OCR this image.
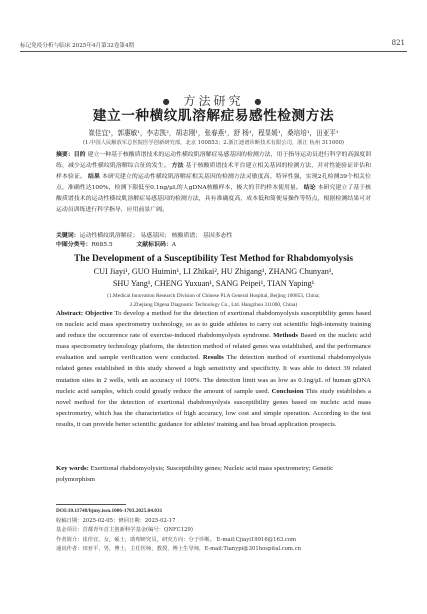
标记免疫分析与临床 2025年4月第32卷第4期	821
● 方法研究 ●
建立一种横纹肌溶解症易感性检测方法
崔佳宜¹，郭惠敏¹，李志凯²，胡志刚¹，张春燕¹，舒 杨¹，程显媛¹，桑培培¹，田亚平¹
(1.中国人民解放军总医院医学创新研究部，北京 100853；2.浙江迪谱诊断技术有限公司，浙江 杭州 311000)
摘要：目的 建立一种基于核酸质谱技术的运动性横纹肌溶解症易感基因的检测方法，用于指导运动员进行科学的高强度训练，减少运动性横纹肌溶解综合征的发生。 方法 基于核酸质谱技术平台建立相关基因的检测方法，并对性能验证评估和样本验证。 结果 本研究建立的运动性横纹肌溶解症相关基因的检测方法灵敏度高、特异性强，实现2孔检测39个相关位点，准确性达100%，检测下限低至0.1ng/μL的人gDNA核酸样本，极大的节约样本使用量。 结论 本研究建立了基于核酸质谱技术的运动性横纹肌溶解症易感基因的检测方法，具有准确度高，成本低和简便易操作等特点，根据检测结果可对运动员训练进行科学指导，应用前景广阔。
关键词：运动性横纹肌溶解症； 易感基因； 核酸质谱； 基因多态性
中图分类号：R685.5	文献标识码：A
The Development of a Susceptibility Test Method for Rhabdomyolysis
CUI Jiayi¹, GUO Huimin¹, LI Zhikai², HU Zhigang¹, ZHANG Chunyan¹,
SHU Yang¹, CHENG Yuxuan¹, SANG Peipei¹, TIAN Yaping¹
(1.Medical Innovation Research Division of Chinese PLA General Hospital, Beijing 100853, China;
2.Zhejiang Digena Diagnostic Technology Co., Ltd. Hangzhou 311000, China)
Abstract: Objective To develop a method for the detection of exertional rhabdomyolysis susceptibility genes based on nucleic acid mass spectrometry technology, so as to guide athletes to carry out scientific high-intensity training and reduce the occurrence rate of exercise-induced rhabdomyolysis syndrome. Methods Based on the nucleic acid mass spectrometry technology platform, the detection method of related genes was established, and the performance evaluation and sample verification were conducted. Results The detection method of exertional rhabdomyolysis related genes established in this study showed a high sensitivity and specificity. It was able to detect 39 related mutation sites in 2 wells, with an accuracy of 100%. The detection limit was as low as 0.1ng/μL of human gDNA nucleic acid samples, which could greatly reduce the amount of sample used. Conclusion This study establishes a novel method for the detection of exertional rhabdomyolysis susceptibility genes based on nucleic acid mass spectrometry, which has the characteristics of high accuracy, low cost and simple operation. According to the test results, it can provide better scientific guidance for athletes' training and has broad application prospects.
Key words: Exertional rhabdomyolysis; Susceptibility genes; Nucleic acid mass spectrometry; Genetic polymorphism
DOI:10.11748/bjmy.issn.1006-1703.2025.04.031
收稿日期：2025-02-05；修回日期：2025-02-17
基金项目：首都青年首主创新科学基金(编号：QNFC129)
作者简介：崔佳宜，女，硕士，助理研究员，研究方向：分子诊断。 E-mail:Cjiayi19916@163.com
通讯作者：田亚平，男，博士，主任医师，教授，博士生导师，E-mail:Tianypi@301hospital.com.cn
